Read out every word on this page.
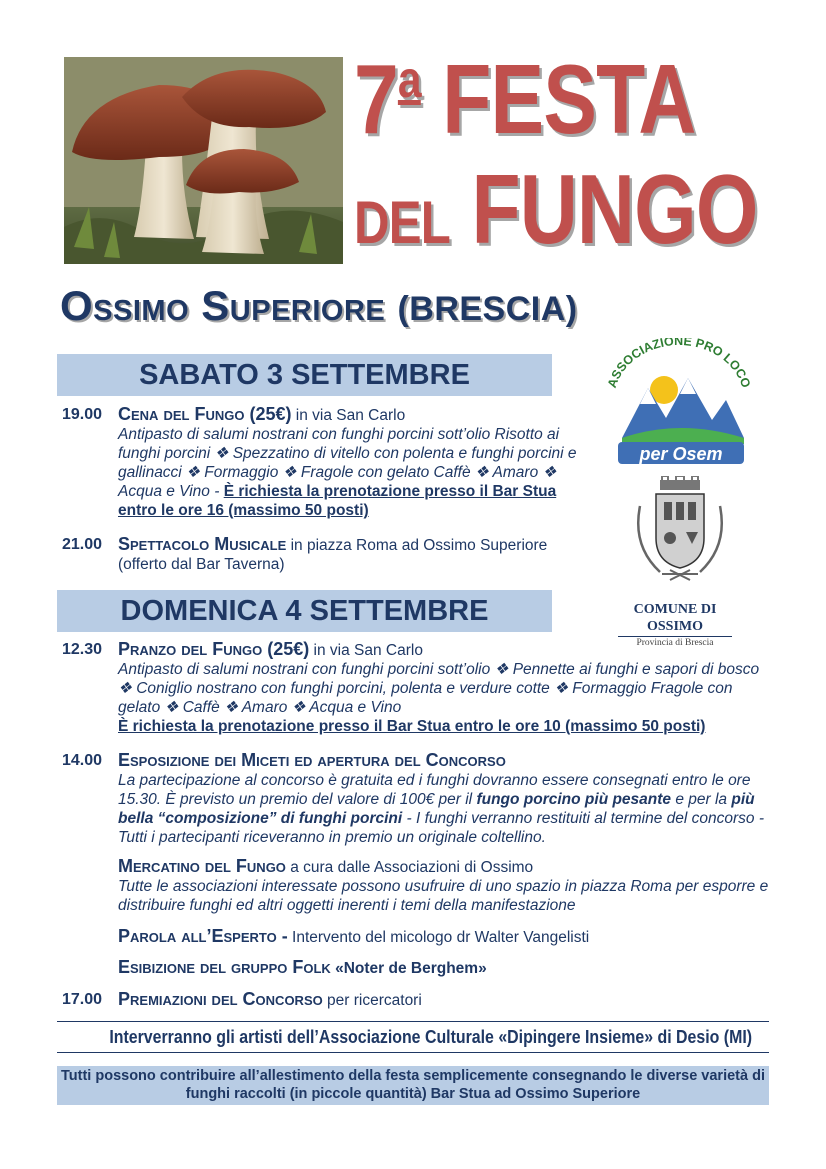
7$^a$ FESTA
DEL FUNGO
Ossimo Superiore (BRESCIA)
ASSOCIAZIONE PRO LOCO
per Osem
COMUNE DI
OSSIMO
Provincia di Brescia
SABATO 3 SETTEMBRE
19.00 Cena del Fungo (25€) in via San Carlo
Antipasto di salumi nostrani con funghi porcini sott’olio Risotto ai funghi porcini ❖ Spezzatino di vitello con polenta e funghi porcini e gallinacci ❖ Formaggio ❖ Fragole con gelato Caffè ❖ Amaro ❖ Acqua e Vino - È richiesta la prenotazione presso il Bar Stua entro le ore 16 (massimo 50 posti)
21.00 Spettacolo Musicale in piazza Roma ad Ossimo Superiore (offerto dal Bar Taverna)
DOMENICA 4 SETTEMBRE
12.30 Pranzo del Fungo (25€) in via San Carlo
Antipasto di salumi nostrani con funghi porcini sott’olio ❖ Pennette ai funghi e sapori di bosco ❖ Coniglio nostrano con funghi porcini, polenta e verdure cotte ❖ Formaggio Fragole con gelato ❖ Caffè ❖ Amaro ❖ Acqua e Vino
È richiesta la prenotazione presso il Bar Stua entro le ore 10 (massimo 50 posti)
14.00 Esposizione dei Miceti ed apertura del Concorso
La partecipazione al concorso è gratuita ed i funghi dovranno essere consegnati entro le ore 15.30. È previsto un premio del valore di 100€ per il fungo porcino più pesante e per la più bella “composizione” di funghi porcini - I funghi verranno restituiti al termine del concorso - Tutti i partecipanti riceveranno in premio un originale coltellino.
Mercatino del Fungo a cura dalle Associazioni di Ossimo
Tutte le associazioni interessate possono usufruire di uno spazio in piazza Roma per esporre e distribuire funghi ed altri oggetti inerenti i temi della manifestazione
Parola all’Esperto - Intervento del micologo dr Walter Vangelisti
Esibizione del gruppo Folk «Noter de Berghem»
17.00 Premiazioni del Concorso per ricercatori
Interverranno gli artisti dell’Associazione Culturale «Dipingere Insieme» di Desio (MI)
Tutti possono contribuire all’allestimento della festa semplicemente consegnando le diverse varietà di funghi raccolti (in piccole quantità) Bar Stua ad Ossimo Superiore
